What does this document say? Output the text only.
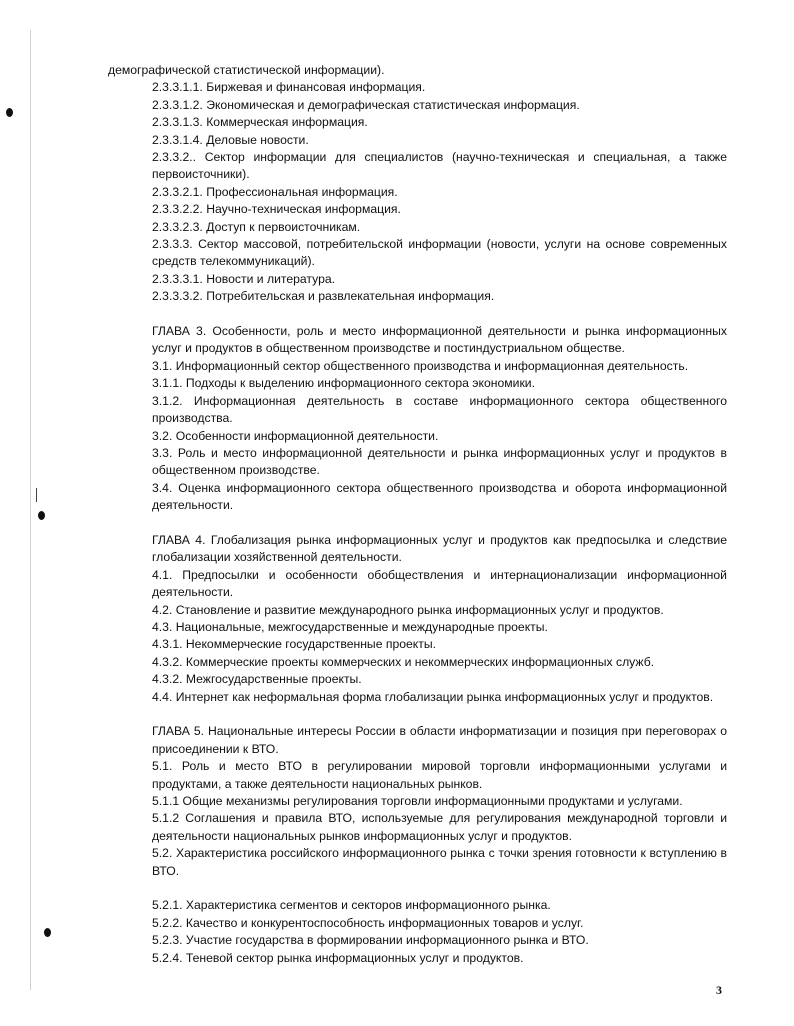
демографической статистической информации).
2.3.3.1.1. Биржевая и финансовая информация.
2.3.3.1.2. Экономическая и демографическая статистическая информация.
2.3.3.1.3. Коммерческая информация.
2.3.3.1.4. Деловые новости.
2.3.3.2.. Сектор информации для специалистов (научно-техническая и специальная, а также первоисточники).
2.3.3.2.1. Профессиональная информация.
2.3.3.2.2. Научно-техническая информация.
2.3.3.2.3. Доступ к первоисточникам.
2.3.3.3. Сектор массовой, потребительской информации (новости, услуги на основе современных средств телекоммуникаций).
2.3.3.3.1. Новости и литература.
2.3.3.3.2. Потребительская и развлекательная информация.
ГЛАВА 3. Особенности, роль и место информационной деятельности и рынка информационных услуг и продуктов в общественном производстве и постиндустриальном обществе.
3.1. Информационный сектор общественного производства и информационная деятельность.
3.1.1. Подходы к выделению информационного сектора экономики.
3.1.2. Информационная деятельность в составе информационного сектора общественного производства.
3.2. Особенности информационной деятельности.
3.3. Роль и место информационной деятельности и рынка информационных услуг и продуктов в общественном производстве.
3.4. Оценка информационного сектора общественного производства и оборота информационной деятельности.
ГЛАВА 4. Глобализация рынка информационных услуг и продуктов как предпосылка и следствие глобализации хозяйственной деятельности.
4.1. Предпосылки и особенности обобществления и интернационализации информационной деятельности.
4.2. Становление и развитие международного рынка информационных услуг и продуктов.
4.3. Национальные, межгосударственные и международные проекты.
4.3.1. Некоммерческие государственные проекты.
4.3.2. Коммерческие проекты коммерческих и некоммерческих информационных служб.
4.3.2. Межгосударственные проекты.
4.4. Интернет как неформальная форма глобализации рынка информационных услуг и продуктов.
ГЛАВА 5. Национальные интересы России в области информатизации и позиция при переговорах о присоединении к ВТО.
5.1. Роль и место ВТО в регулировании мировой торговли информационными услугами и продуктами, а также деятельности национальных рынков.
5.1.1 Общие механизмы регулирования торговли информационными продуктами и услугами.
5.1.2 Соглашения и правила ВТО, используемые для регулирования международной торговли и деятельности национальных рынков информационных услуг и продуктов.
5.2. Характеристика российского информационного рынка с точки зрения готовности к вступлению в ВТО.
5.2.1. Характеристика сегментов и секторов информационного рынка.
5.2.2. Качество и конкурентоспособность информационных товаров и услуг.
5.2.3. Участие государства в формировании информационного рынка и ВТО.
5.2.4. Теневой сектор рынка информационных услуг и продуктов.
3
